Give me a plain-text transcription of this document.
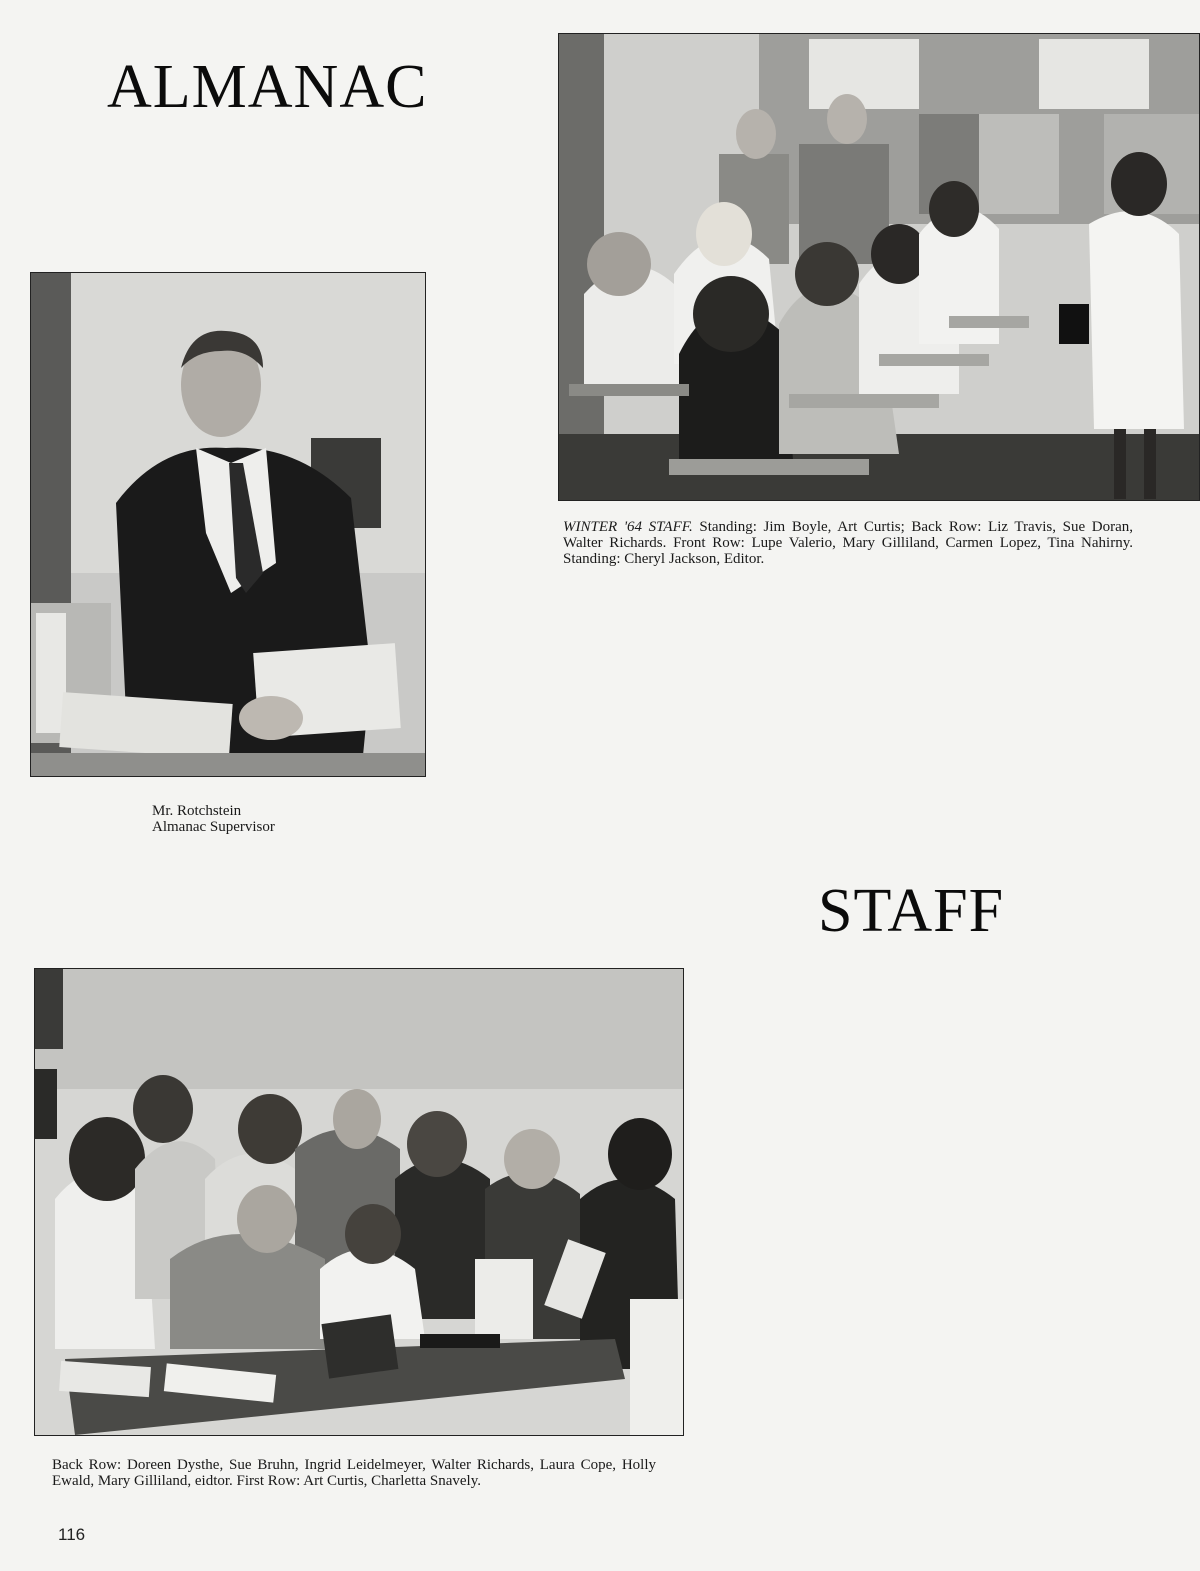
ALMANAC

Mr. Rotchstein
Almanac Supervisor

WINTER '64 STAFF. Standing: Jim Boyle, Art Curtis; Back Row: Liz Travis, Sue Doran, Walter Richards. Front Row: Lupe Valerio, Mary Gilliland, Carmen Lopez, Tina Nahirny. Standing: Cheryl Jackson, Editor.

STAFF

Back Row: Doreen Dysthe, Sue Bruhn, Ingrid Leidelmeyer, Walter Richards, Laura Cope, Holly Ewald, Mary Gilliland, eidtor. First Row: Art Curtis, Charletta Snavely.

116
